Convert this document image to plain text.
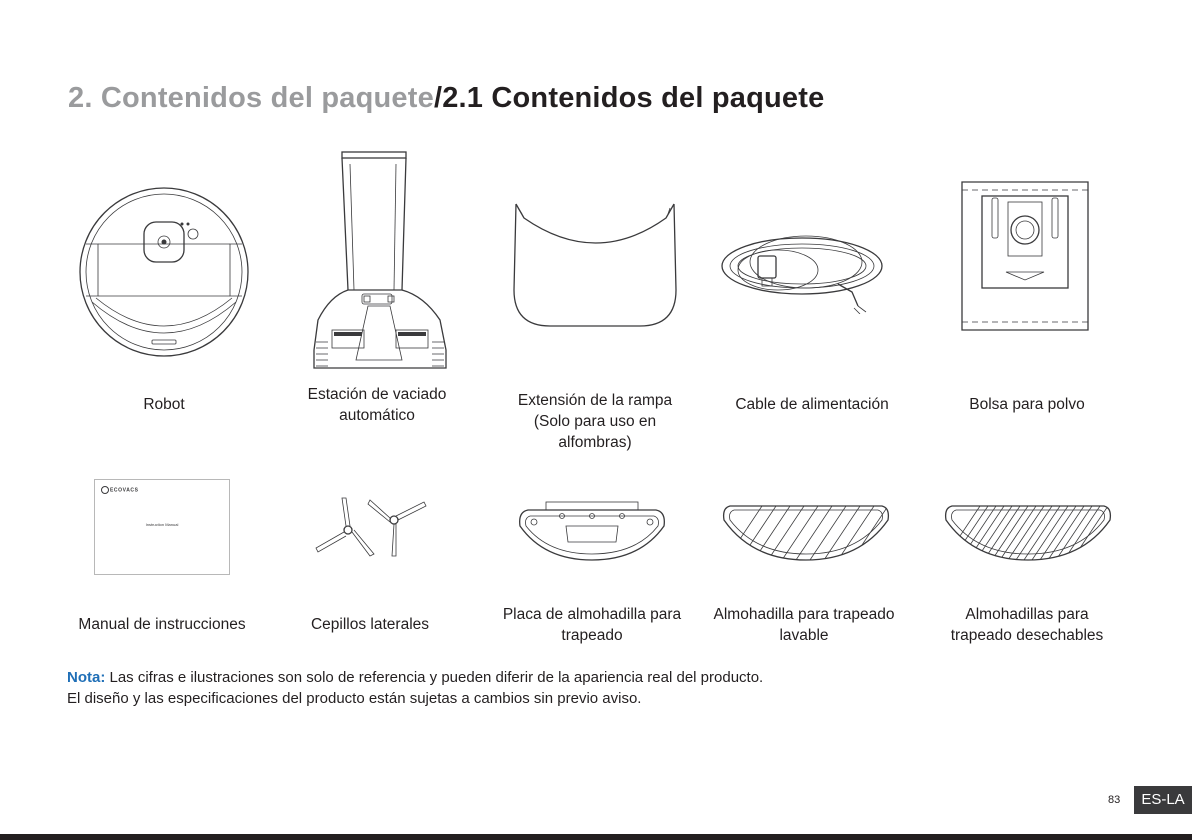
2. Contenidos del paquete/2.1 Contenidos del paquete
Robot
Estación de vaciado
automático
Extensión de la rampa
(Solo para uso en
alfombras)
Cable de alimentación	Bolsa para polvo
ECOVACS
Instruction Manual
Manual de instrucciones	Cepillos laterales
Placa de almohadilla para
trapeado
Almohadilla para trapeado
lavable
Almohadillas para
trapeado desechables
Nota: Las cifras e ilustraciones son solo de referencia y pueden diferir de la apariencia real del producto.
El diseño y las especificaciones del producto están sujetas a cambios sin previo aviso.
83	ES-LA
